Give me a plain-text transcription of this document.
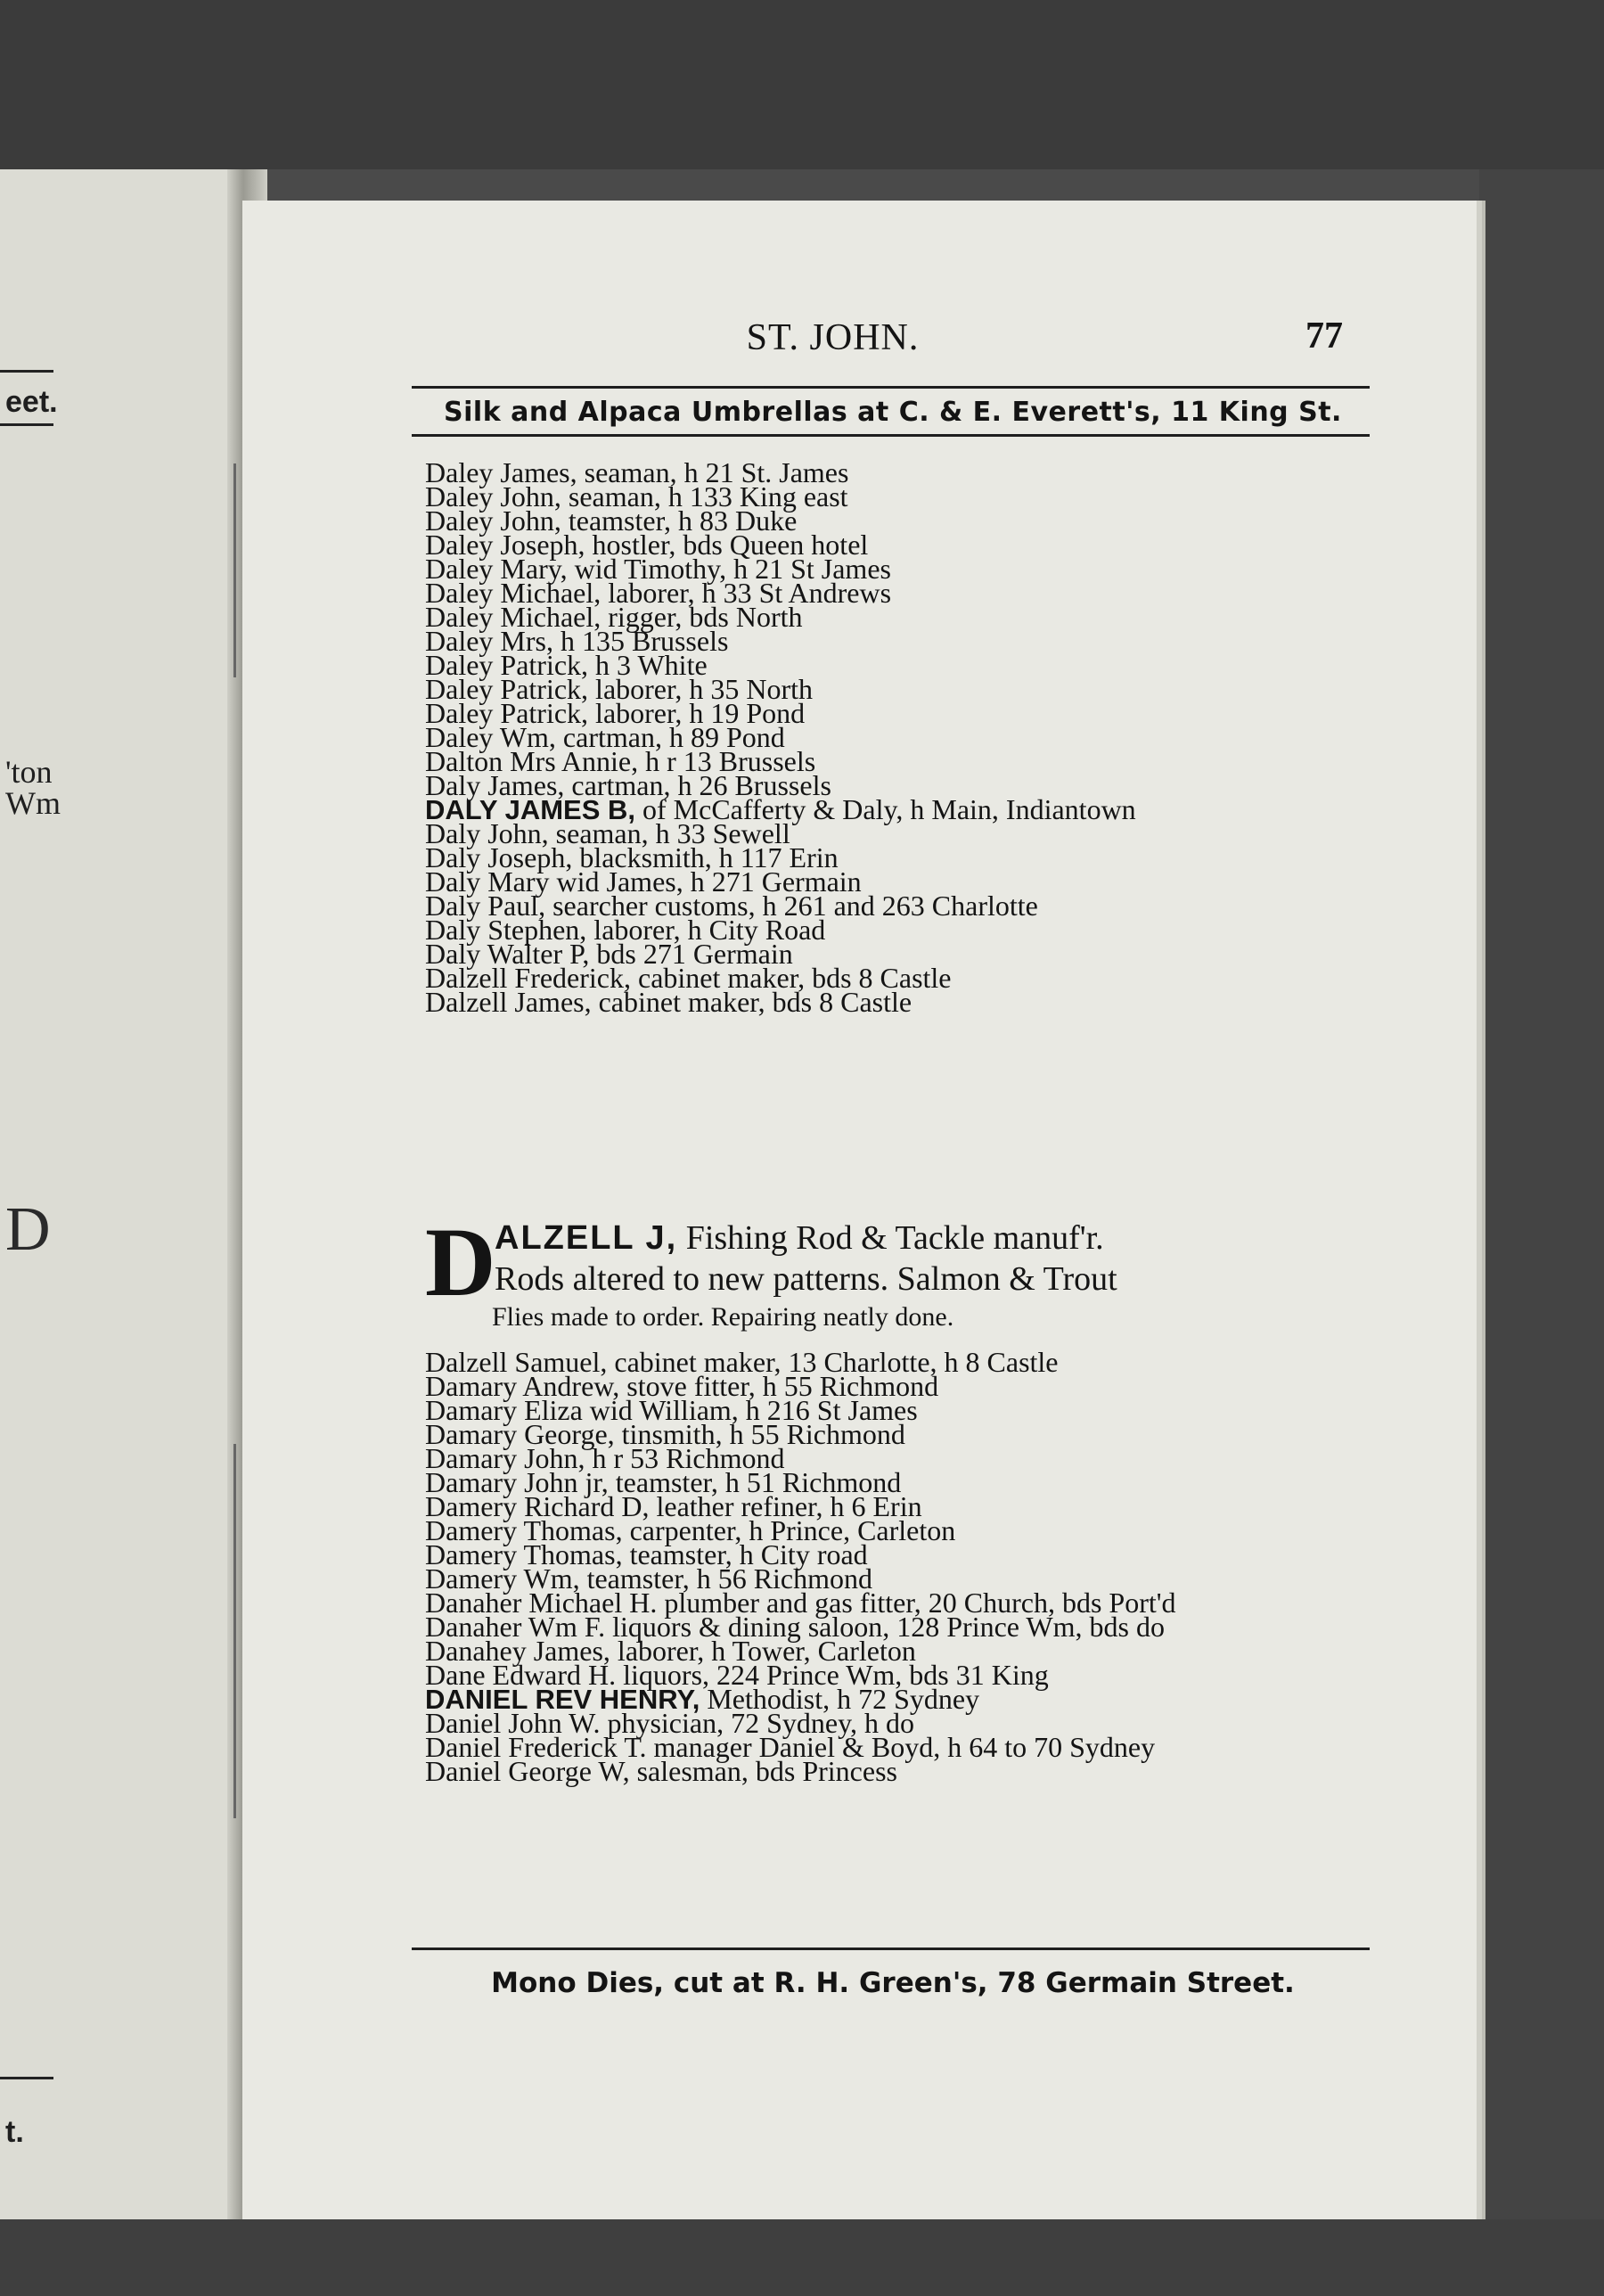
eet.
'ton
Wm
D
t.
ST. JOHN.	77
Silk and Alpaca Umbrellas at C. & E. Everett's, 11 King St.
Daley James, seaman, h 21 St. James
Daley John, seaman, h 133 King east
Daley John, teamster, h 83 Duke
Daley Joseph, hostler, bds Queen hotel
Daley Mary, wid Timothy, h 21 St James
Daley Michael, laborer, h 33 St Andrews
Daley Michael, rigger, bds North
Daley Mrs, h 135 Brussels
Daley Patrick, h 3 White
Daley Patrick, laborer, h 35 North
Daley Patrick, laborer, h 19 Pond
Daley Wm, cartman, h 89 Pond
Dalton Mrs Annie, h r 13 Brussels
Daly James, cartman, h 26 Brussels
DALY JAMES B, of McCafferty & Daly, h Main, Indiantown
Daly John, seaman, h 33 Sewell
Daly Joseph, blacksmith, h 117 Erin
Daly Mary wid James, h 271 Germain
Daly Paul, searcher customs, h 261 and 263 Charlotte
Daly Stephen, laborer, h City Road
Daly Walter P, bds 271 Germain
Dalzell Frederick, cabinet maker, bds 8 Castle
Dalzell James, cabinet maker, bds 8 Castle
D
ALZELL J, Fishing Rod & Tackle manuf'r.
Rods altered to new patterns. Salmon & Trout
Flies made to order. Repairing neatly done.
Dalzell Samuel, cabinet maker, 13 Charlotte, h 8 Castle
Damary Andrew, stove fitter, h 55 Richmond
Damary Eliza wid William, h 216 St James
Damary George, tinsmith, h 55 Richmond
Damary John, h r 53 Richmond
Damary John jr, teamster, h 51 Richmond
Damery Richard D, leather refiner, h 6 Erin
Damery Thomas, carpenter, h Prince, Carleton
Damery Thomas, teamster, h City road
Damery Wm, teamster, h 56 Richmond
Danaher Michael H. plumber and gas fitter, 20 Church, bds Port'd
Danaher Wm F. liquors & dining saloon, 128 Prince Wm, bds do
Danahey James, laborer, h Tower, Carleton
Dane Edward H. liquors, 224 Prince Wm, bds 31 King
DANIEL REV HENRY, Methodist, h 72 Sydney
Daniel John W. physician, 72 Sydney, h do
Daniel Frederick T. manager Daniel & Boyd, h 64 to 70 Sydney
Daniel George W, salesman, bds Princess
Mono Dies, cut at R. H. Green's, 78 Germain Street.
